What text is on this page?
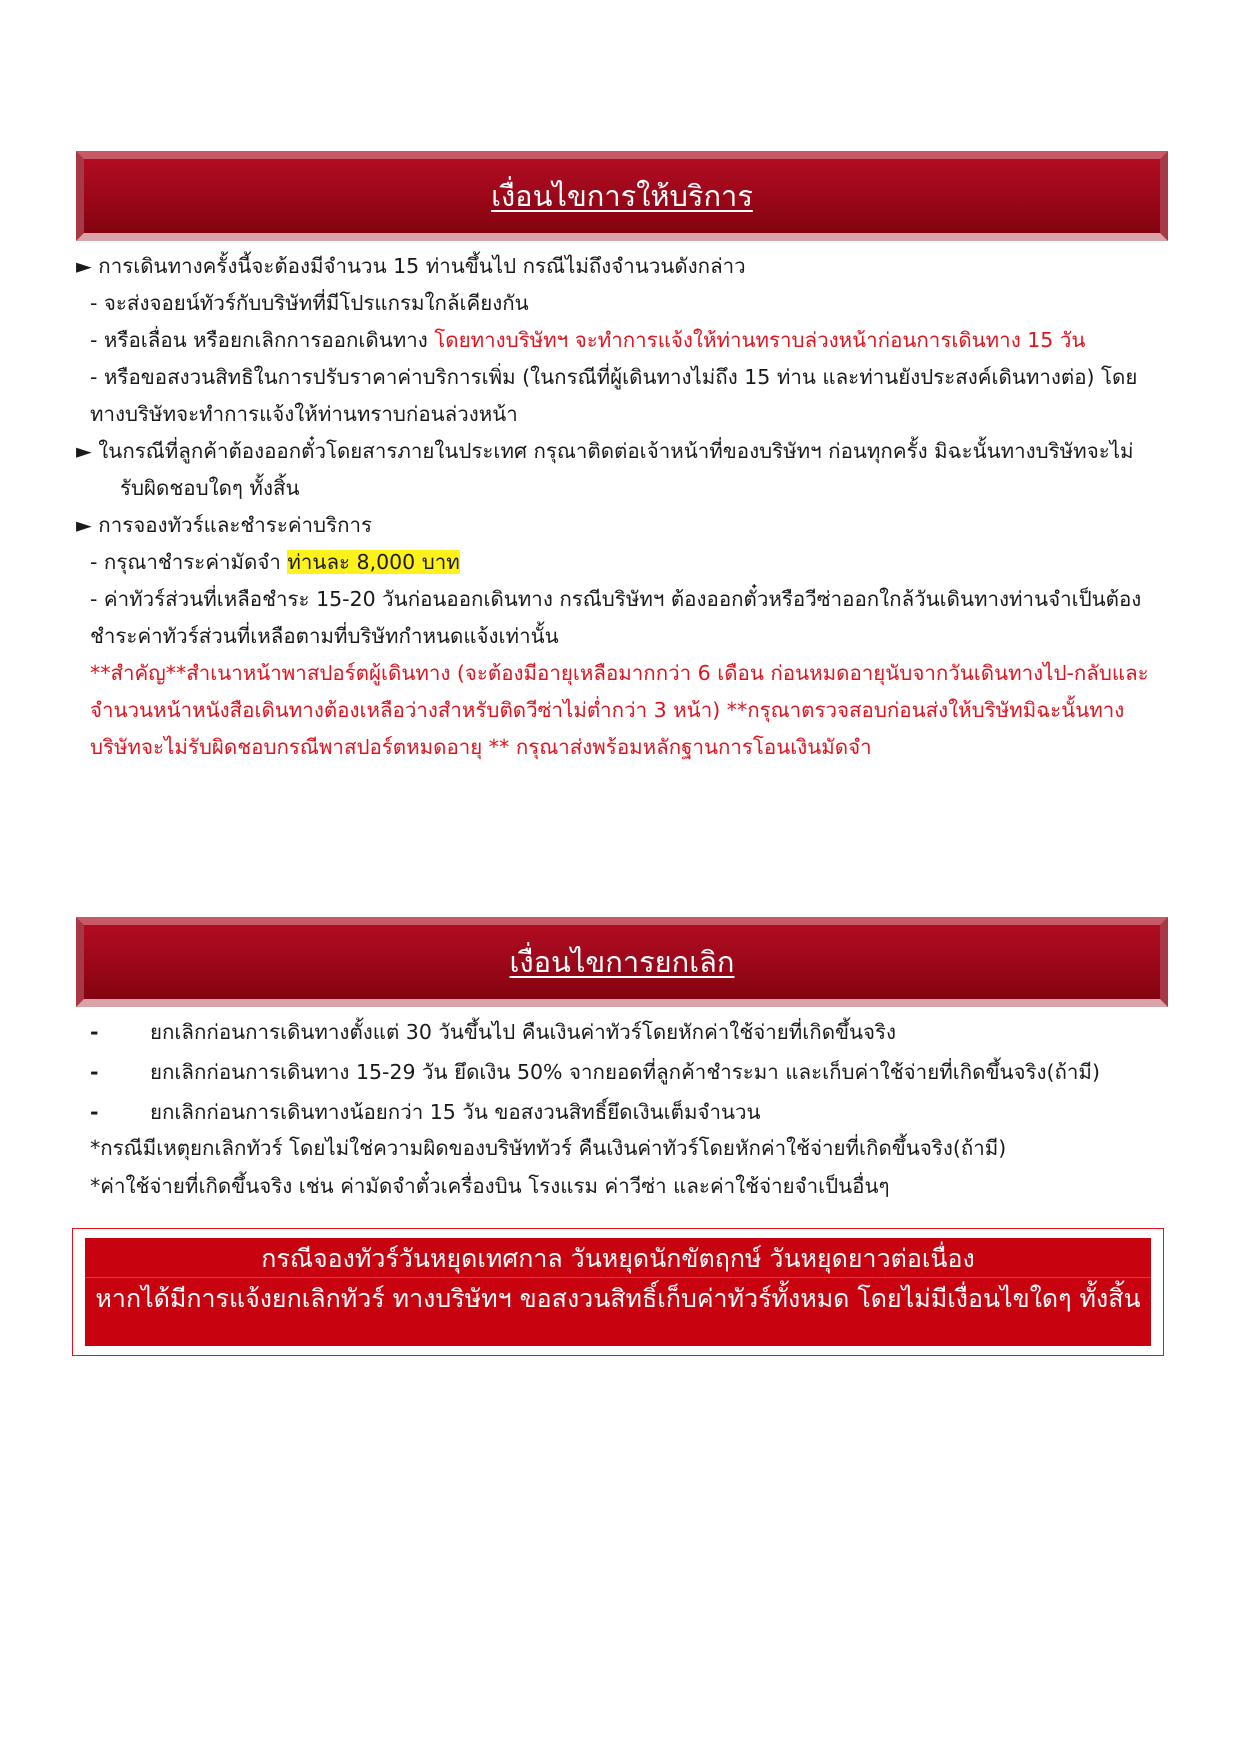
เงื่อนไขการให้บริการ
► การเดินทางครั้งนี้จะต้องมีจำนวน 15 ท่านขึ้นไป กรณีไม่ถึงจำนวนดังกล่าว
- จะส่งจอยน์ทัวร์กับบริษัทที่มีโปรแกรมใกล้เคียงกัน
- หรือเลื่อน หรือยกเลิกการออกเดินทาง โดยทางบริษัทฯ จะทำการแจ้งให้ท่านทราบล่วงหน้าก่อนการเดินทาง 15 วัน
- หรือขอสงวนสิทธิในการปรับราคาค่าบริการเพิ่ม (ในกรณีที่ผู้เดินทางไม่ถึง 15 ท่าน และท่านยังประสงค์เดินทางต่อ) โดย
ทางบริษัทจะทำการแจ้งให้ท่านทราบก่อนล่วงหน้า
► ในกรณีที่ลูกค้าต้องออกตั๋วโดยสารภายในประเทศ กรุณาติดต่อเจ้าหน้าที่ของบริษัทฯ ก่อนทุกครั้ง มิฉะนั้นทางบริษัทจะไม่
รับผิดชอบใดๆ ทั้งสิ้น
► การจองทัวร์และชำระค่าบริการ
- กรุณาชำระค่ามัดจำ ท่านละ 8,000 บาท
- ค่าทัวร์ส่วนที่เหลือชำระ 15-20 วันก่อนออกเดินทาง กรณีบริษัทฯ ต้องออกตั๋วหรือวีซ่าออกใกล้วันเดินทางท่านจำเป็นต้อง
ชำระค่าทัวร์ส่วนที่เหลือตามที่บริษัทกำหนดแจ้งเท่านั้น
**สำคัญ**สำเนาหน้าพาสปอร์ตผู้เดินทาง (จะต้องมีอายุเหลือมากกว่า 6 เดือน ก่อนหมดอายุนับจากวันเดินทางไป-กลับและ
จำนวนหน้าหนังสือเดินทางต้องเหลือว่างสำหรับติดวีซ่าไม่ต่ำกว่า 3 หน้า) **กรุณาตรวจสอบก่อนส่งให้บริษัทมิฉะนั้นทาง
บริษัทจะไม่รับผิดชอบกรณีพาสปอร์ตหมดอายุ ** กรุณาส่งพร้อมหลักฐานการโอนเงินมัดจำ
เงื่อนไขการยกเลิก
-	ยกเลิกก่อนการเดินทางตั้งแต่ 30 วันขึ้นไป คืนเงินค่าทัวร์โดยหักค่าใช้จ่ายที่เกิดขึ้นจริง
-	ยกเลิกก่อนการเดินทาง 15-29 วัน ยึดเงิน 50% จากยอดที่ลูกค้าชำระมา และเก็บค่าใช้จ่ายที่เกิดขึ้นจริง(ถ้ามี)
-	ยกเลิกก่อนการเดินทางน้อยกว่า 15 วัน ขอสงวนสิทธิ์ยึดเงินเต็มจำนวน
*กรณีมีเหตุยกเลิกทัวร์ โดยไม่ใช่ความผิดของบริษัททัวร์ คืนเงินค่าทัวร์โดยหักค่าใช้จ่ายที่เกิดขึ้นจริง(ถ้ามี)
*ค่าใช้จ่ายที่เกิดขึ้นจริง เช่น ค่ามัดจำตั๋วเครื่องบิน โรงแรม ค่าวีซ่า และค่าใช้จ่ายจำเป็นอื่นๆ
กรณีจองทัวร์วันหยุดเทศกาล วันหยุดนักขัตฤกษ์ วันหยุดยาวต่อเนื่อง
หากได้มีการแจ้งยกเลิกทัวร์ ทางบริษัทฯ ขอสงวนสิทธิ์เก็บค่าทัวร์ทั้งหมด โดยไม่มีเงื่อนไขใดๆ ทั้งสิ้น
